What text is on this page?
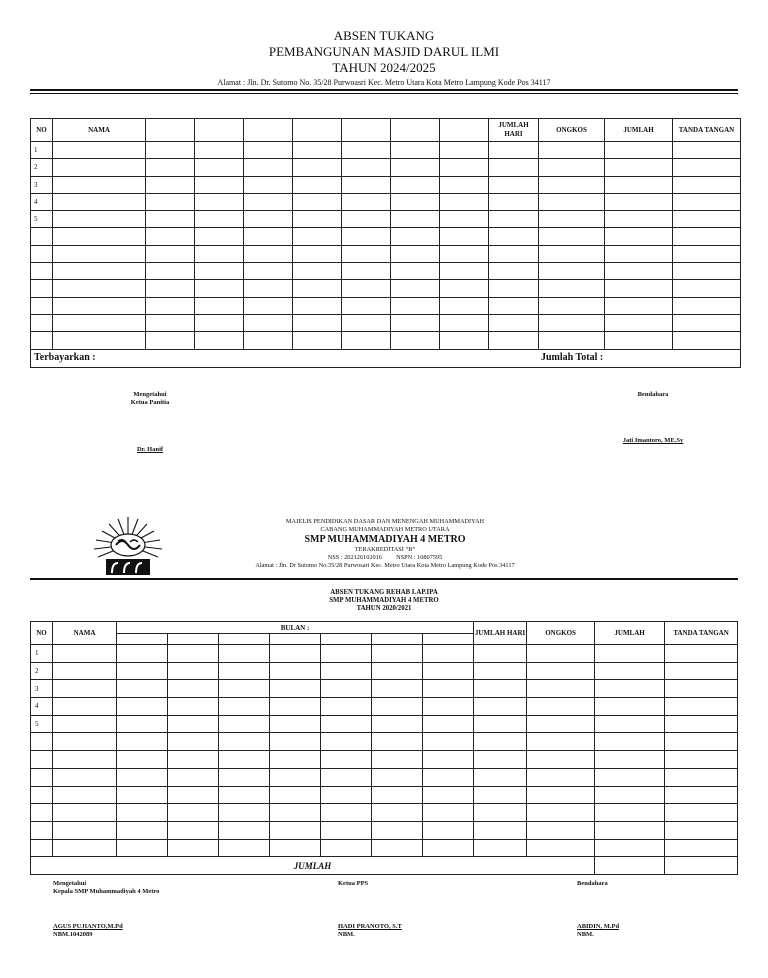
ABSEN TUKANG
PEMBANGUNAN MASJID DARUL ILMI
TAHUN 2024/2025
Alamat : Jln. Dr. Sutomo No. 35/28 Purwoasri Kec. Metro Utara Kota Metro Lampung Kode Pos 34117
NO	NAMA								JUMLAH HARI	ONGKOS	JUMLAH	TANDA TANGAN
1												
2												
3												
4												
5												

Terbayarkan : Jumlah Total :												
Mengetahui
Ketua Panitia
Dr. Hanif
Bendahara
Jati Imantoro, ME.Sy
MAJELIS PENDIDIKAN DASAR DAN MENENGAH MUHAMMADIYAH
CABANG MUHAMMADIYAH METRO UTARA
SMP MUHAMMADIYAH 4 METRO
TERAKREDITASI “B”
NSS : 202126102016 NSPN : 10807595
Alamat : Jln. Dr Sutomo No.35/28 Purwosari Kec. Metro Utara Kota Metro Lampung Kode Pos 34117
ABSEN TUKANG REHAB LAP.IPA
SMP MUHAMMADIYAH 4 METRO
TAHUN 2020/2021
NO	NAMA	BULAN :							JUMLAH HARI	ONGKOS	JUMLAH	TANDA TANGAN

1												
2												
3												
4												
5												

JUMLAH												
Mengetahui
Kepala SMP Muhammadiyah 4 Metro
AGUS PUJIANTO,M.Pd
NBM.1042089
Ketua PPS
HADI PRANOTO, S.T
NBM.
Bendahara
ABIDIN, M.Pd
NBM.
